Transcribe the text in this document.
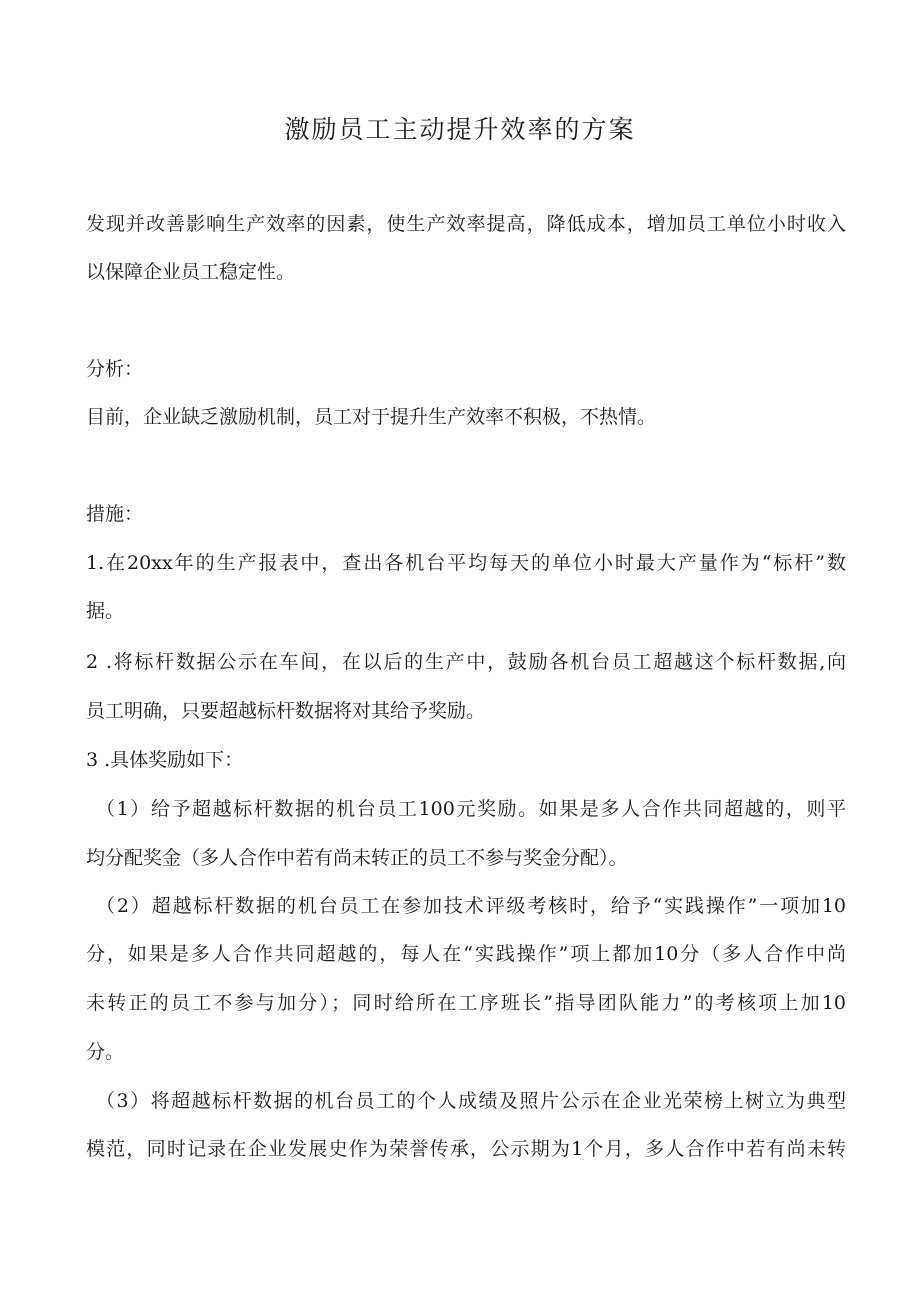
激励员工主动提升效率的方案

发现并改善影响生产效率的因素，使生产效率提高，降低成本，增加员工单位小时收入

以保障企业员工稳定性。

分析：

目前，企业缺乏激励机制，员工对于提升生产效率不积极，不热情。

措施：

1.在20xx年的生产报表中，查出各机台平均每天的单位小时最大产量作为“标杆”数

据。

2 .将标杆数据公示在车间，在以后的生产中，鼓励各机台员工超越这个标杆数据,向

员工明确，只要超越标杆数据将对其给予奖励。

3 .具体奖励如下：

（1）给予超越标杆数据的机台员工100元奖励。如果是多人合作共同超越的，则平

均分配奖金（多人合作中若有尚未转正的员工不参与奖金分配）。

（2）超越标杆数据的机台员工在参加技术评级考核时，给予“实践操作”一项加10

分，如果是多人合作共同超越的，每人在“实践操作”项上都加10分（多人合作中尚

未转正的员工不参与加分）；同时给所在工序班长”指导团队能力”的考核项上加10

分。

（3）将超越标杆数据的机台员工的个人成绩及照片公示在企业光荣榜上树立为典型

模范，同时记录在企业发展史作为荣誉传承，公示期为1个月，多人合作中若有尚未转
